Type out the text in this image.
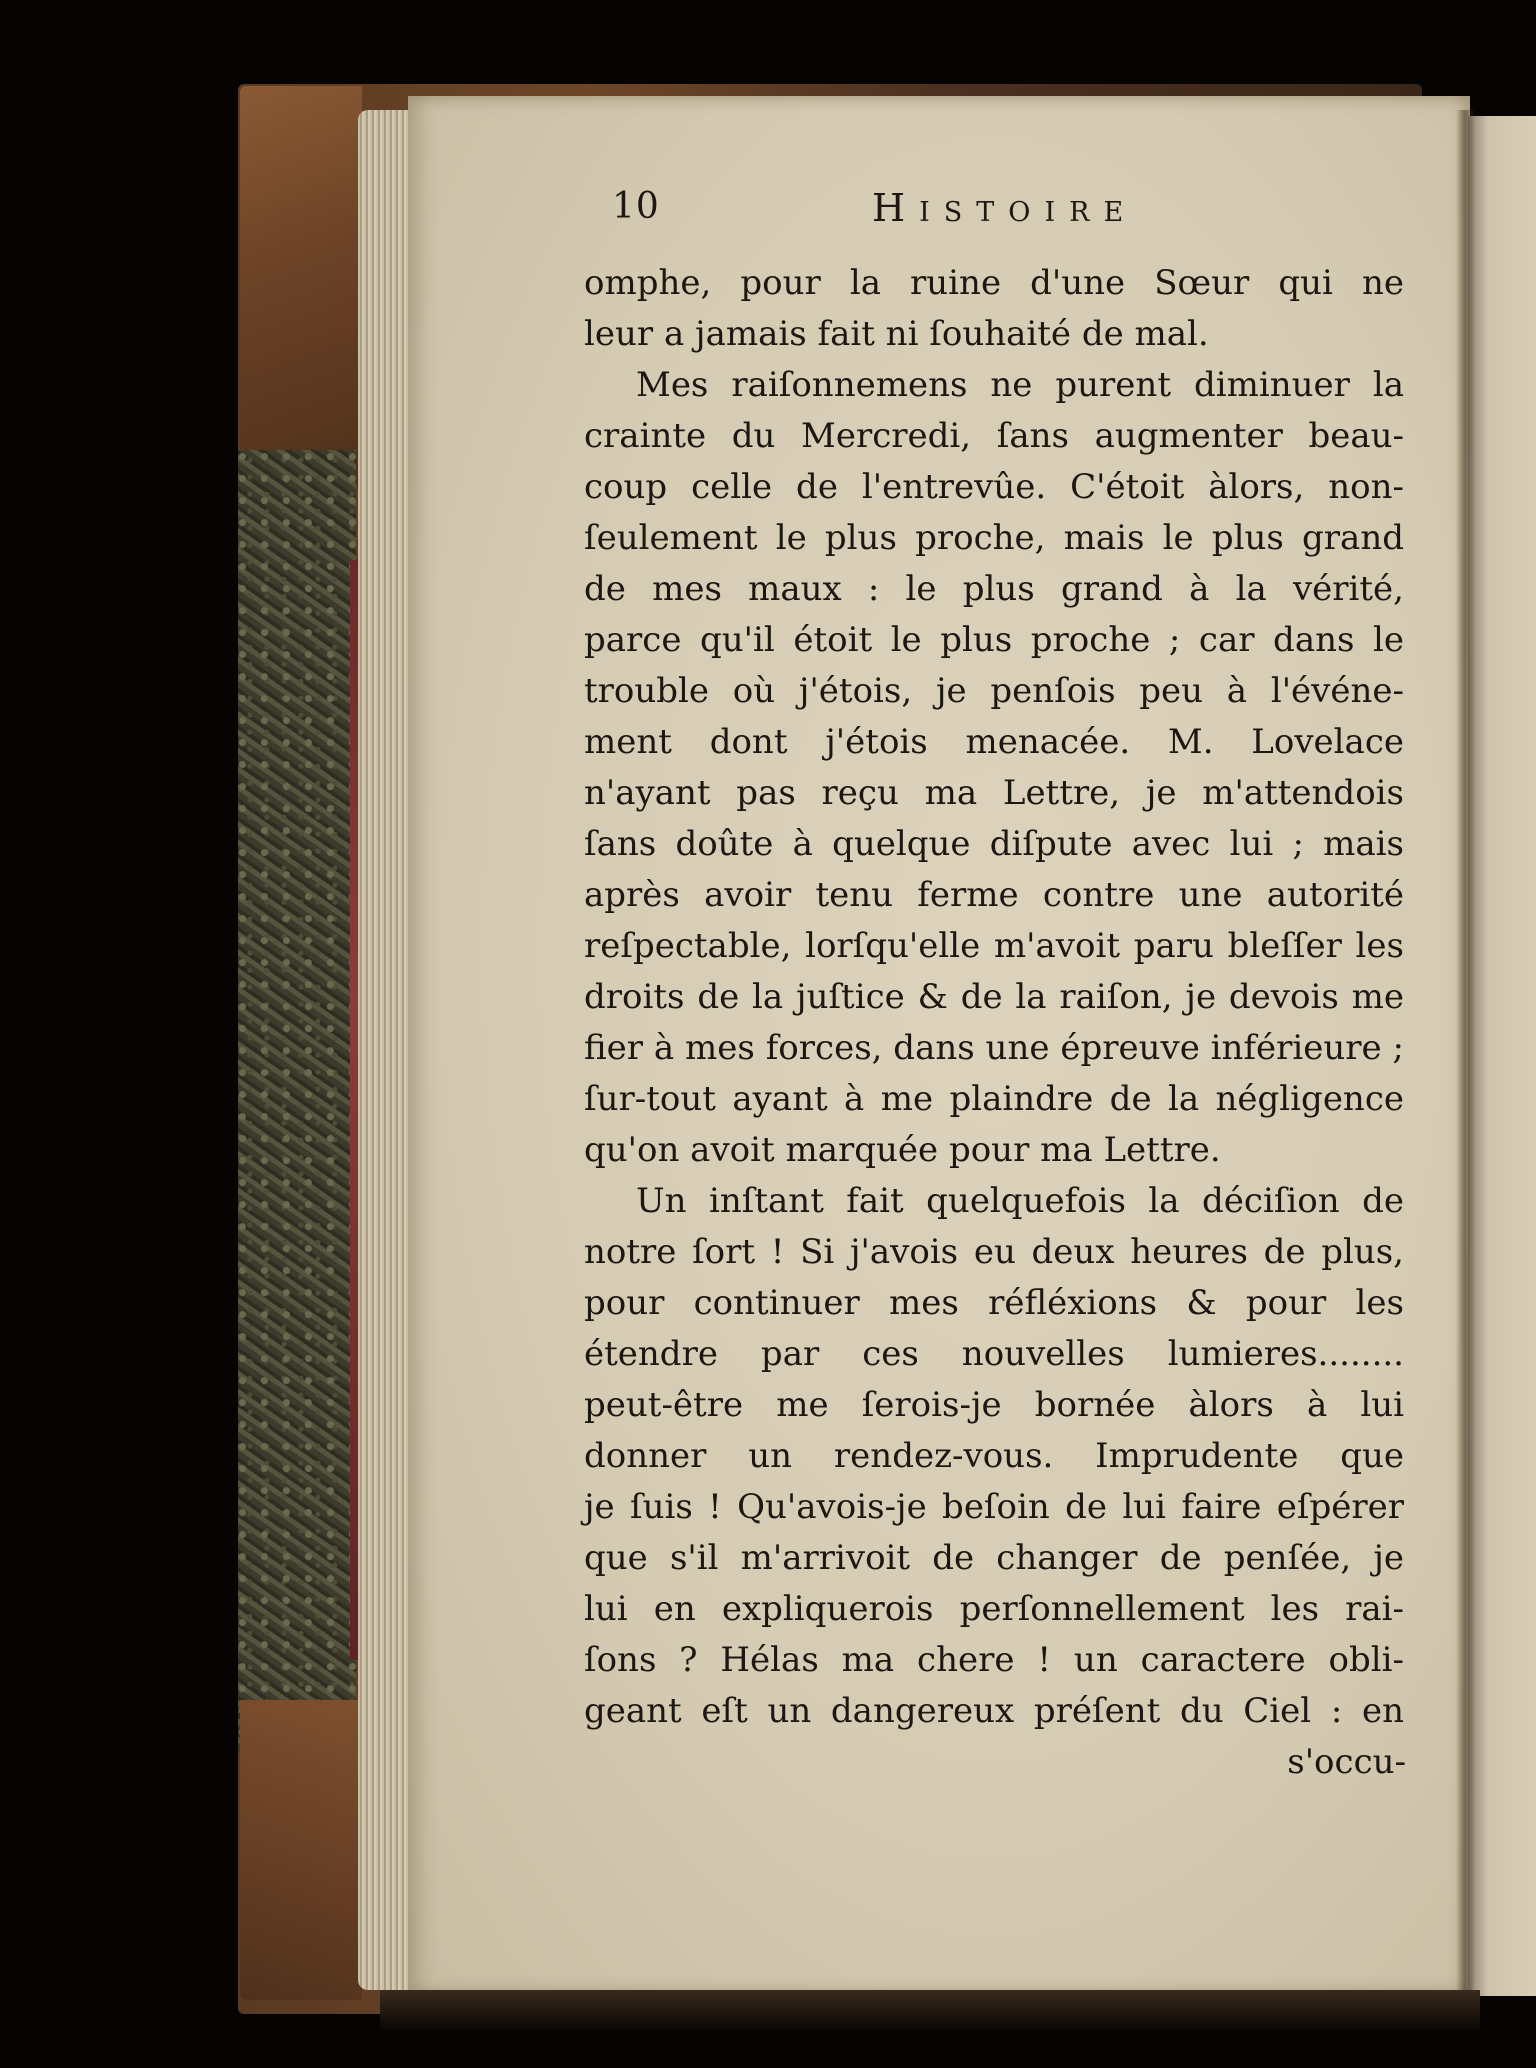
10	Histoire
omphe, pour la ruine d'une Sœur qui ne
leur a jamais fait ni ſouhaité de mal.
Mes raiſonnemens ne purent diminuer la
crainte du Mercredi, ſans augmenter beau-
coup celle de l'entrevûe. C'étoit àlors, non-
ſeulement le plus proche, mais le plus grand
de mes maux : le plus grand à la vérité,
parce qu'il étoit le plus proche ; car dans le
trouble où j'étois, je penſois peu à l'événe-
ment dont j'étois menacée. M. Lovelace
n'ayant pas reçu ma Lettre, je m'attendois
ſans doûte à quelque diſpute avec lui ; mais
après avoir tenu ferme contre une autorité
reſpectable, lorſqu'elle m'avoit paru bleſſer les
droits de la juſtice & de la raiſon, je devois me
fier à mes forces, dans une épreuve inférieure ;
ſur-tout ayant à me plaindre de la négligence
qu'on avoit marquée pour ma Lettre.
Un inſtant fait quelquefois la déciſion de
notre ſort ! Si j'avois eu deux heures de plus,
pour continuer mes réfléxions & pour les
étendre par ces nouvelles lumieres........
peut-être me ſerois-je bornée àlors à lui
donner un rendez-vous. Imprudente que
je ſuis ! Qu'avois-je beſoin de lui faire eſpérer
que s'il m'arrivoit de changer de penſée, je
lui en expliquerois perſonnellement les rai-
ſons ? Hélas ma chere ! un caractere obli-
geant eſt un dangereux préſent du Ciel : en
s'occu-
